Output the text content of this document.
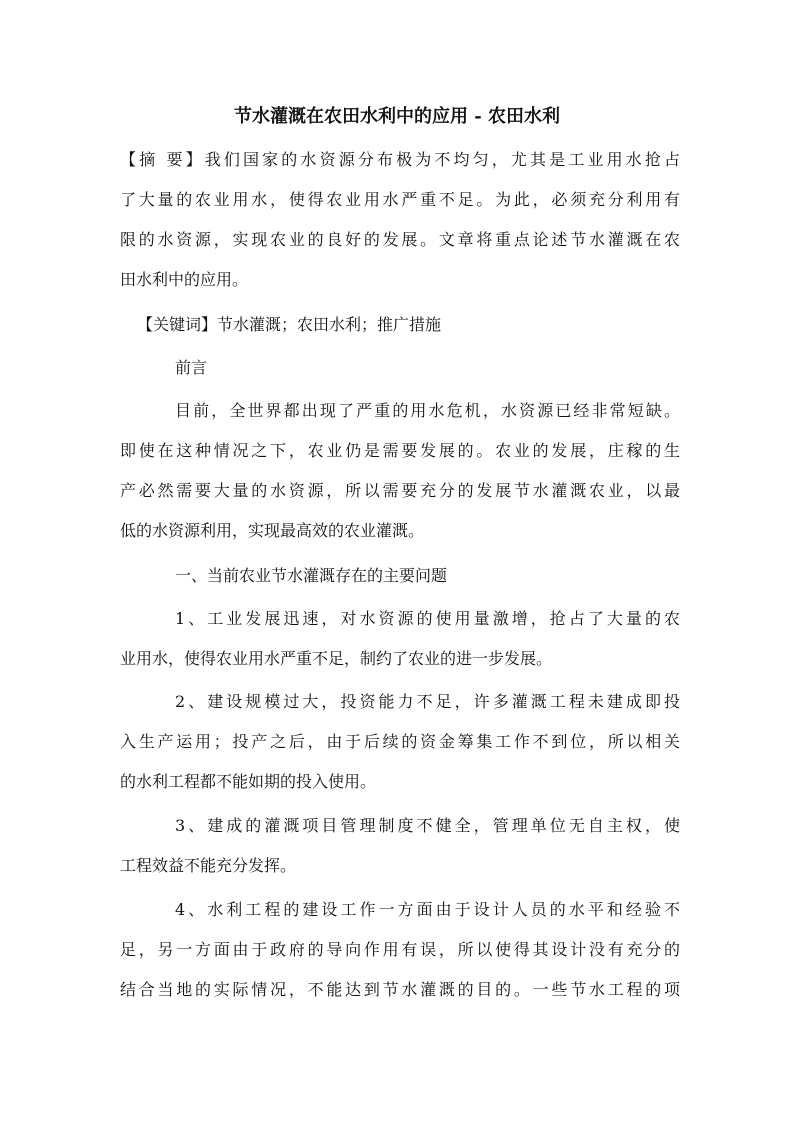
节水灌溉在农田水利中的应用 - 农田水利
【摘 要】我们国家的水资源分布极为不均匀，尤其是工业用水抢占
了大量的农业用水，使得农业用水严重不足。为此，必须充分利用有
限的水资源，实现农业的良好的发展。文章将重点论述节水灌溉在农
田水利中的应用。
【关键词】节水灌溉；农田水利；推广措施
前言
目前，全世界都出现了严重的用水危机，水资源已经非常短缺。
即使在这种情况之下，农业仍是需要发展的。农业的发展，庄稼的生
产必然需要大量的水资源，所以需要充分的发展节水灌溉农业，以最
低的水资源利用，实现最高效的农业灌溉。
一、当前农业节水灌溉存在的主要问题
1、工业发展迅速，对水资源的使用量激增，抢占了大量的农
业用水，使得农业用水严重不足，制约了农业的进一步发展。
2、建设规模过大，投资能力不足，许多灌溉工程未建成即投
入生产运用；投产之后，由于后续的资金筹集工作不到位，所以相关
的水利工程都不能如期的投入使用。
3、建成的灌溉项目管理制度不健全，管理单位无自主权，使
工程效益不能充分发挥。
4、水利工程的建设工作一方面由于设计人员的水平和经验不
足，另一方面由于政府的导向作用有误，所以使得其设计没有充分的
结合当地的实际情况，不能达到节水灌溉的目的。一些节水工程的项
